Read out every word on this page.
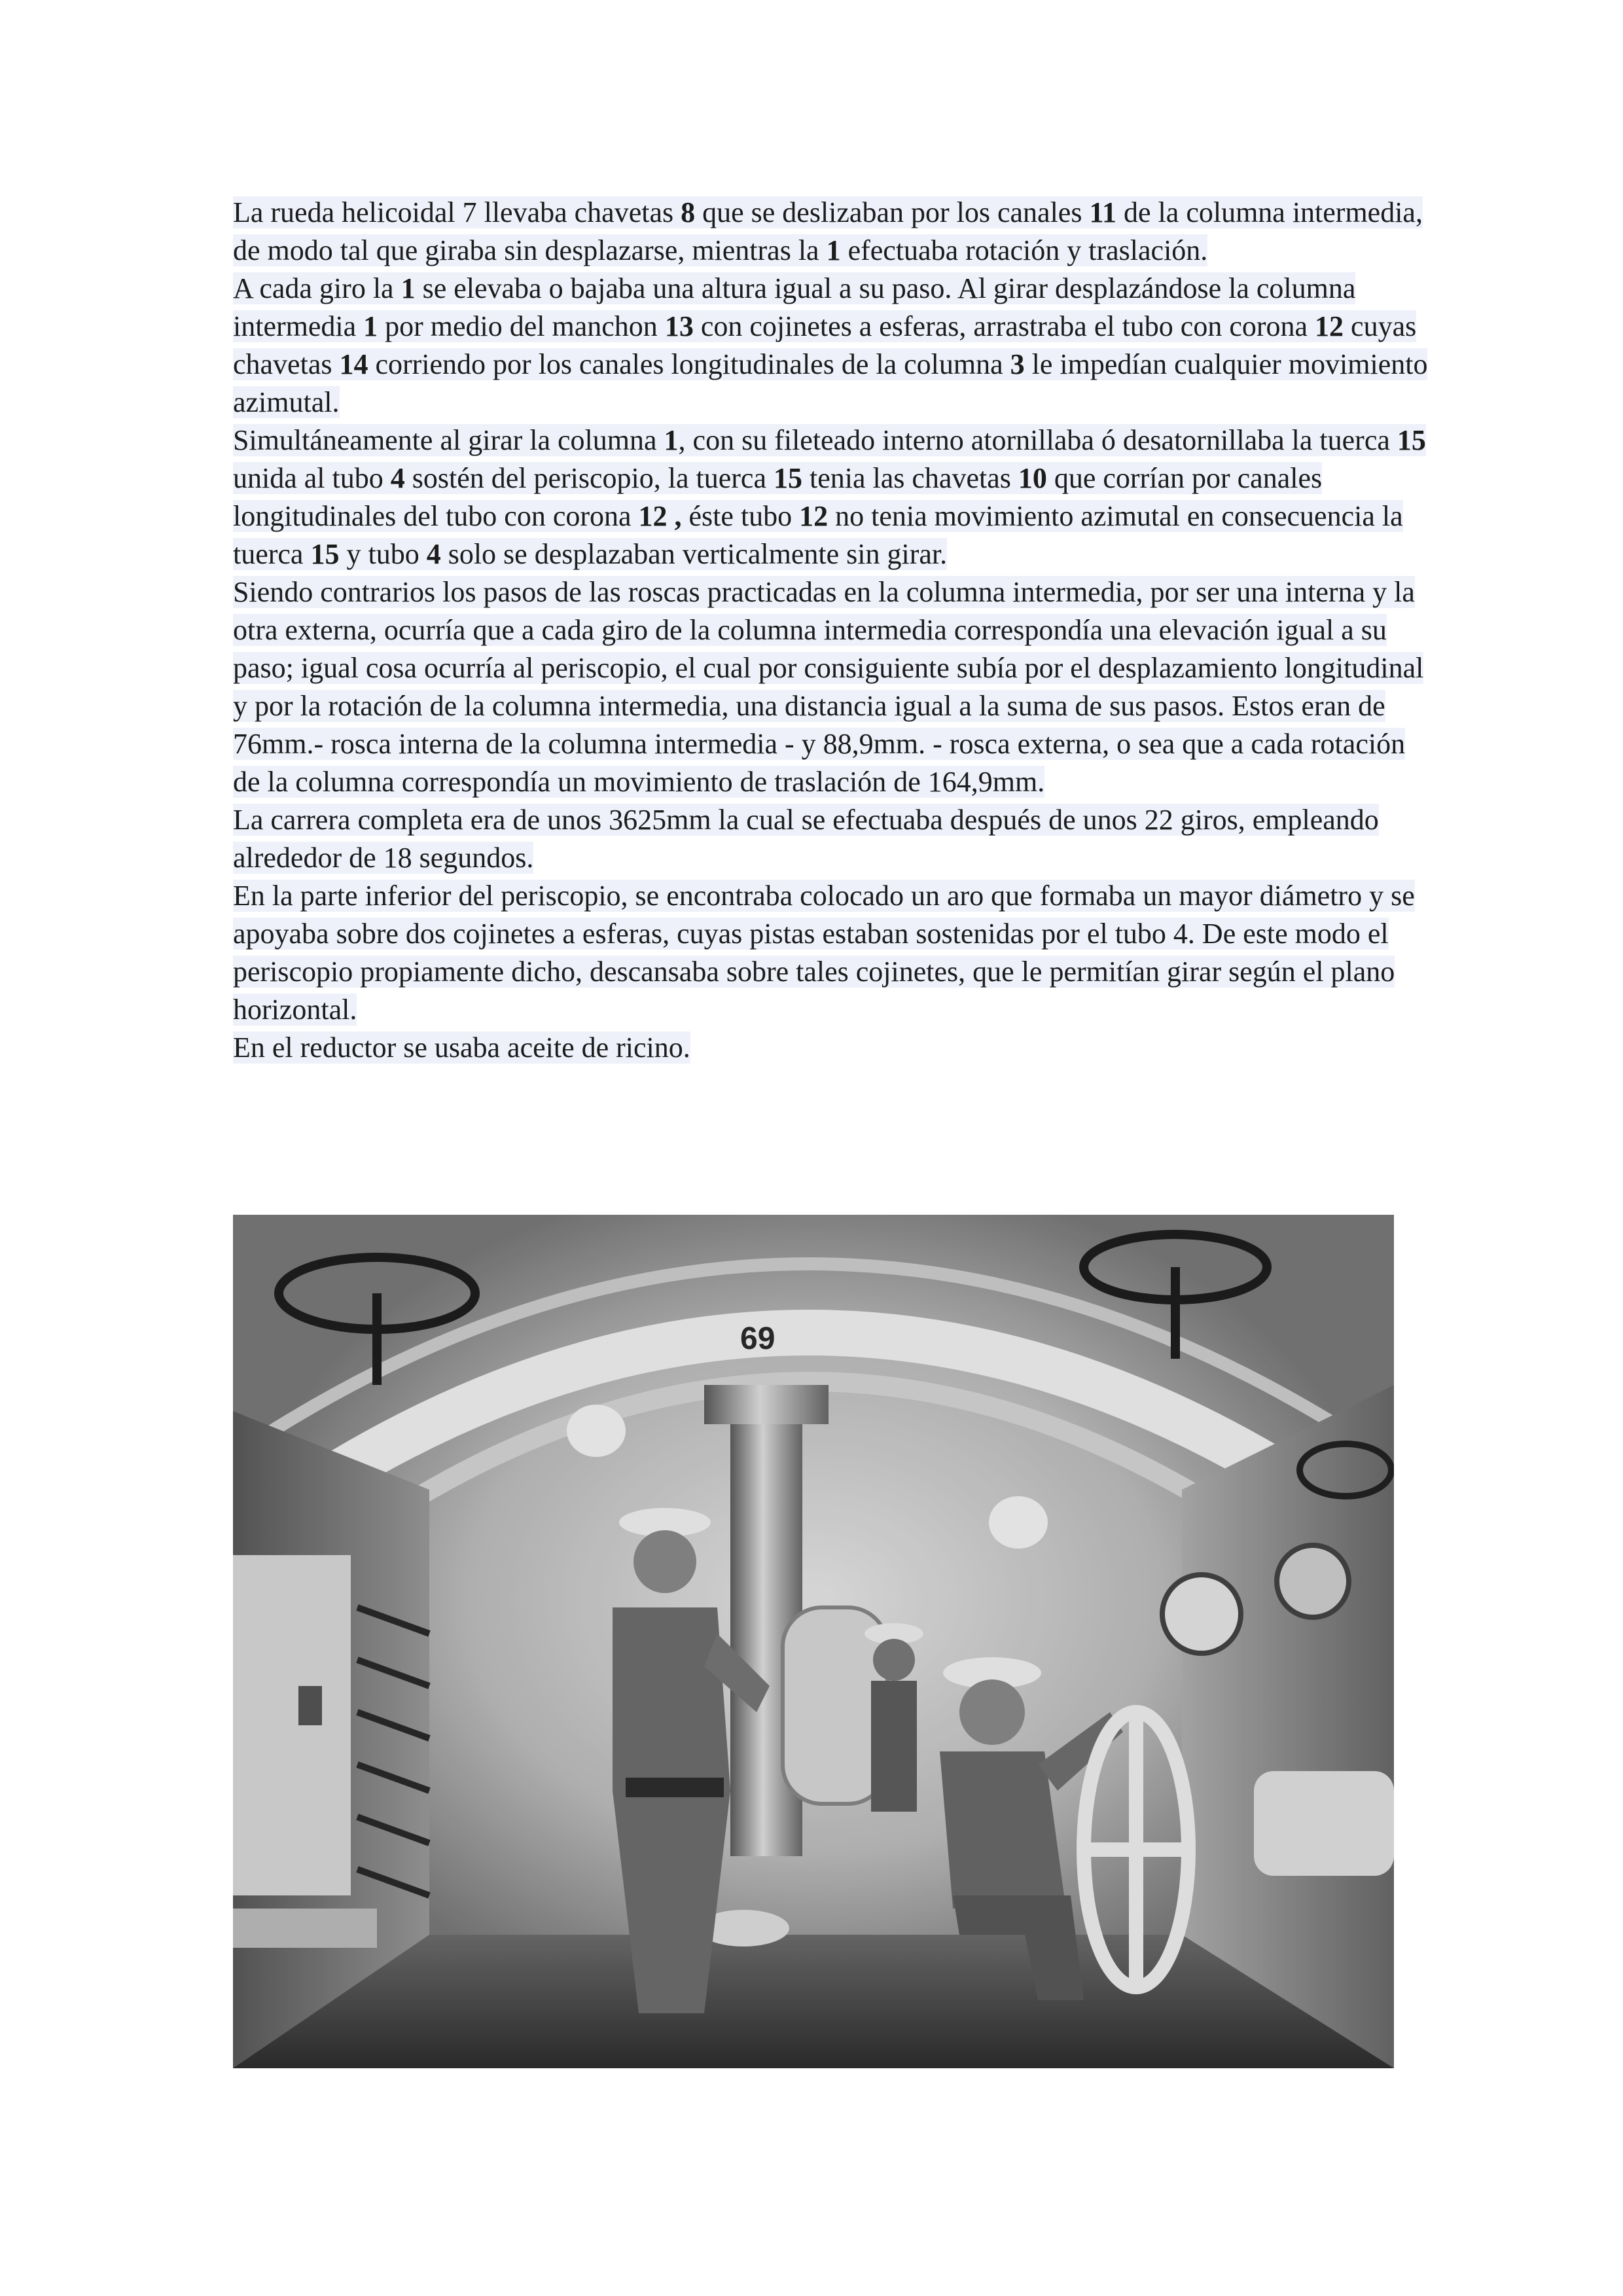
La rueda helicoidal 7 llevaba chavetas 8 que se deslizaban por los canales 11 de la columna intermedia, de modo tal que giraba sin desplazarse, mientras la 1 efectuaba rotación y traslación.

A cada giro la 1 se elevaba o bajaba una altura igual a su paso. Al girar desplazándose la columna intermedia 1 por medio del manchon 13 con cojinetes a esferas, arrastraba el tubo con corona 12 cuyas chavetas 14 corriendo por los canales longitudinales de la columna 3 le impedían cualquier movimiento azimutal.

Simultáneamente al girar la columna 1, con su fileteado interno atornillaba ó desatornillaba la tuerca 15 unida al tubo 4 sostén del periscopio, la tuerca 15 tenia las chavetas 10 que corrían por canales longitudinales del tubo con corona 12 , éste tubo 12 no tenia movimiento azimutal en consecuencia la tuerca 15 y tubo 4 solo se desplazaban verticalmente sin girar.

Siendo contrarios los pasos de las roscas practicadas en la columna intermedia, por ser una interna y la otra externa, ocurría que a cada giro de la columna intermedia correspondía una elevación igual a su paso; igual cosa ocurría al periscopio, el cual por consiguiente subía por el desplazamiento longitudinal y por la rotación de la columna intermedia, una distancia igual a la suma de sus pasos. Estos eran de 76mm.- rosca interna de la columna intermedia - y 88,9mm. - rosca externa, o sea que a cada rotación de la columna correspondía un movimiento de traslación de 164,9mm.

La carrera completa era de unos 3625mm la cual se efectuaba después de unos 22 giros, empleando alrededor de 18 segundos.

En la parte inferior del periscopio, se encontraba colocado un aro que formaba un mayor diámetro y se apoyaba sobre dos cojinetes a esferas, cuyas pistas estaban sostenidas por el tubo 4. De este modo el periscopio propiamente dicho, descansaba sobre tales cojinetes, que le permitían girar según el plano horizontal.

En el reductor se usaba aceite de ricino.

69
